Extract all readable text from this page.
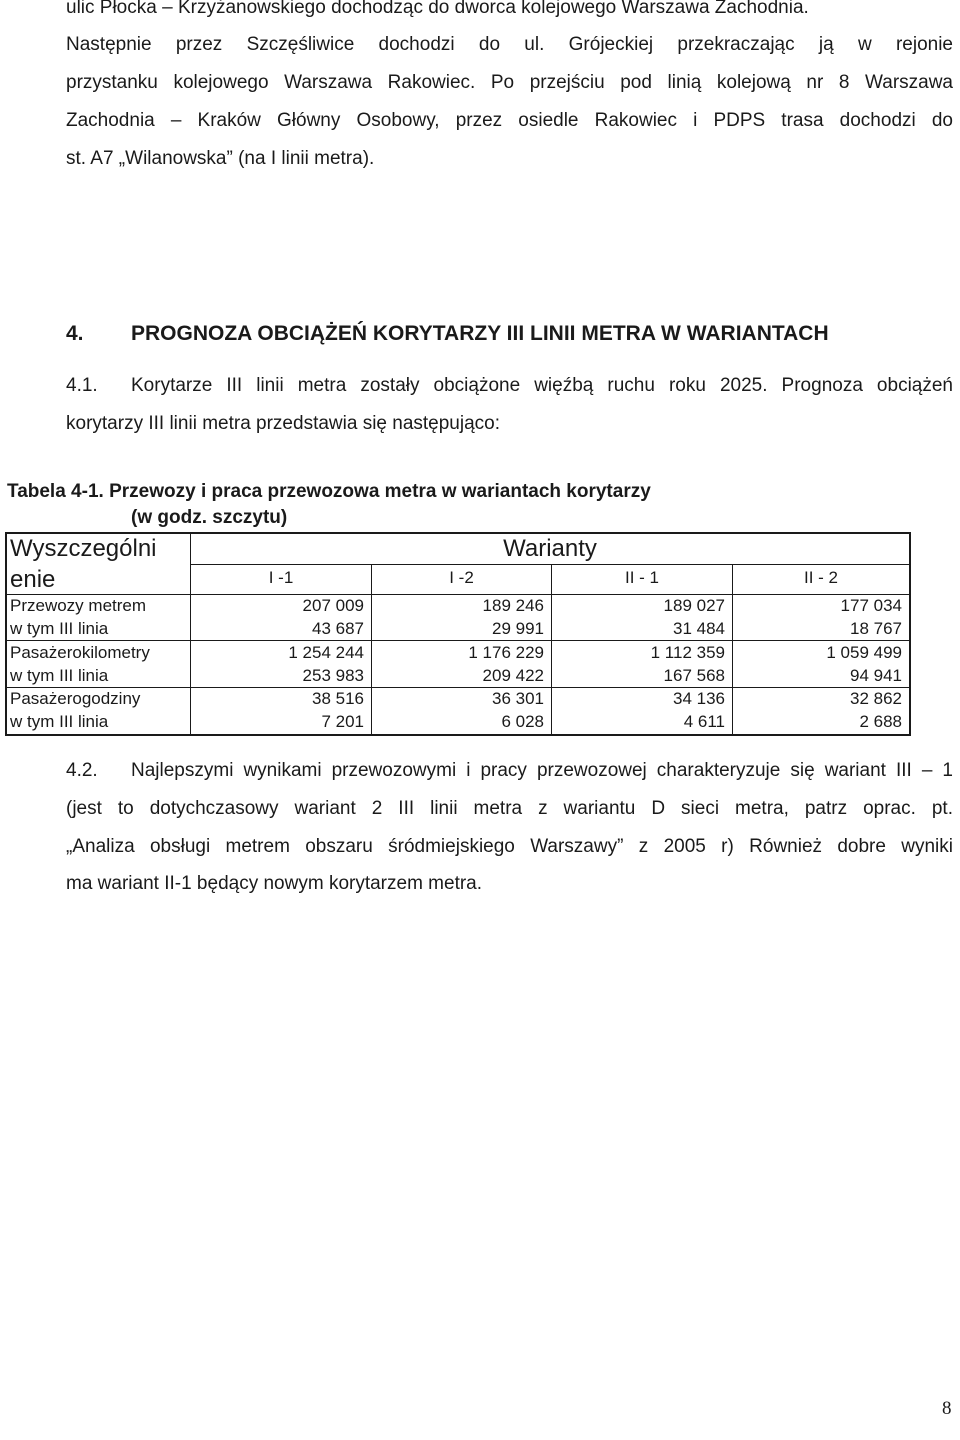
ulic Płocka – Krzyżanowskiego dochodząc do dworca kolejowego Warszawa Zachodnia.
Następnie przez Szczęśliwice dochodzi do ul. Grójeckiej przekraczając ją w rejonie
przystanku kolejowego Warszawa Rakowiec. Po przejściu pod linią kolejową nr 8 Warszawa
Zachodnia – Kraków Główny Osobowy, przez osiedle Rakowiec i PDPS trasa dochodzi do
st. A7 „Wilanowska” (na I linii metra).
4. PROGNOZA OBCIĄŻEŃ KORYTARZY III LINII METRA W WARIANTACH
4.1. Korytarze III linii metra zostały obciążone więźbą ruchu roku 2025. Prognoza obciążeń
korytarzy III linii metra przedstawia się następująco:
Tabela 4-1. Przewozy i praca przewozowa metra w wariantach korytarzy
(w godz. szczytu)
Wyszczególni
enie
Warianty
I -1	I -2	II - 1	II - 2
Przewozy metrem	207 009	189 246	189 027	177 034
w tym III linia	43 687	29 991	31 484	18 767
Pasażerokilometry	1 254 244	1 176 229	1 112 359	1 059 499
w tym III linia	253 983	209 422	167 568	94 941
Pasażerogodziny	38 516	36 301	34 136	32 862
w tym III linia	7 201	6 028	4 611	2 688
4.2. Najlepszymi wynikami przewozowymi i pracy przewozowej charakteryzuje się wariant III – 1
(jest to dotychczasowy wariant 2 III linii metra z wariantu D sieci metra, patrz oprac. pt.
„Analiza obsługi metrem obszaru śródmiejskiego Warszawy” z 2005 r) Również dobre wyniki
ma wariant II-1 będący nowym korytarzem metra.
8
